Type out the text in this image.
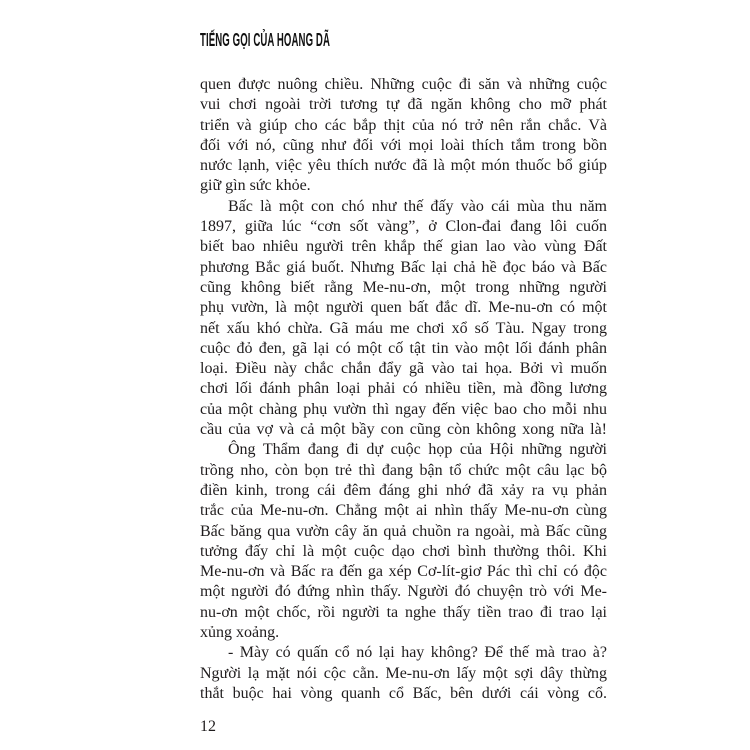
TIẾNG GỌI CỦA HOANG DÃ
quen được nuông chiều. Những cuộc đi săn và những cuộc
vui chơi ngoài trời tương tự đã ngăn không cho mỡ phát
triển và giúp cho các bắp thịt của nó trở nên rắn chắc. Và
đối với nó, cũng như đối với mọi loài thích tắm trong bồn
nước lạnh, việc yêu thích nước đã là một món thuốc bổ giúp
giữ gìn sức khỏe.
Bấc là một con chó như thế đấy vào cái mùa thu năm
1897, giữa lúc “cơn sốt vàng”, ở Clon-đai đang lôi cuốn
biết bao nhiêu người trên khắp thế gian lao vào vùng Đất
phương Bắc giá buốt. Nhưng Bấc lại chả hề đọc báo và Bấc
cũng không biết rằng Me-nu-ơn, một trong những người
phụ vườn, là một người quen bất đắc dĩ. Me-nu-ơn có một
nết xấu khó chừa. Gã máu me chơi xổ số Tàu. Ngay trong
cuộc đỏ đen, gã lại có một cố tật tin vào một lối đánh phân
loại. Điều này chắc chắn đẩy gã vào tai họa. Bởi vì muốn
chơi lối đánh phân loại phải có nhiều tiền, mà đồng lương
của một chàng phụ vườn thì ngay đến việc bao cho mỗi nhu
cầu của vợ và cả một bầy con cũng còn không xong nữa là!
Ông Thẩm đang đi dự cuộc họp của Hội những người
trồng nho, còn bọn trẻ thì đang bận tổ chức một câu lạc bộ
điền kinh, trong cái đêm đáng ghi nhớ đã xảy ra vụ phản
trắc của Me-nu-ơn. Chẳng một ai nhìn thấy Me-nu-ơn cùng
Bấc băng qua vườn cây ăn quả chuồn ra ngoài, mà Bấc cũng
tưởng đấy chỉ là một cuộc dạo chơi bình thường thôi. Khi
Me-nu-ơn và Bấc ra đến ga xép Cơ-lít-giơ Pác thì chỉ có độc
một người đó đứng nhìn thấy. Người đó chuyện trò với Me-
nu-ơn một chốc, rồi người ta nghe thấy tiền trao đi trao lại
xủng xoảng.
- Mày có quấn cổ nó lại hay không? Để thế mà trao à?
Người lạ mặt nói cộc cằn. Me-nu-ơn lấy một sợi dây thừng
thắt buộc hai vòng quanh cổ Bấc, bên dưới cái vòng cổ.
12
